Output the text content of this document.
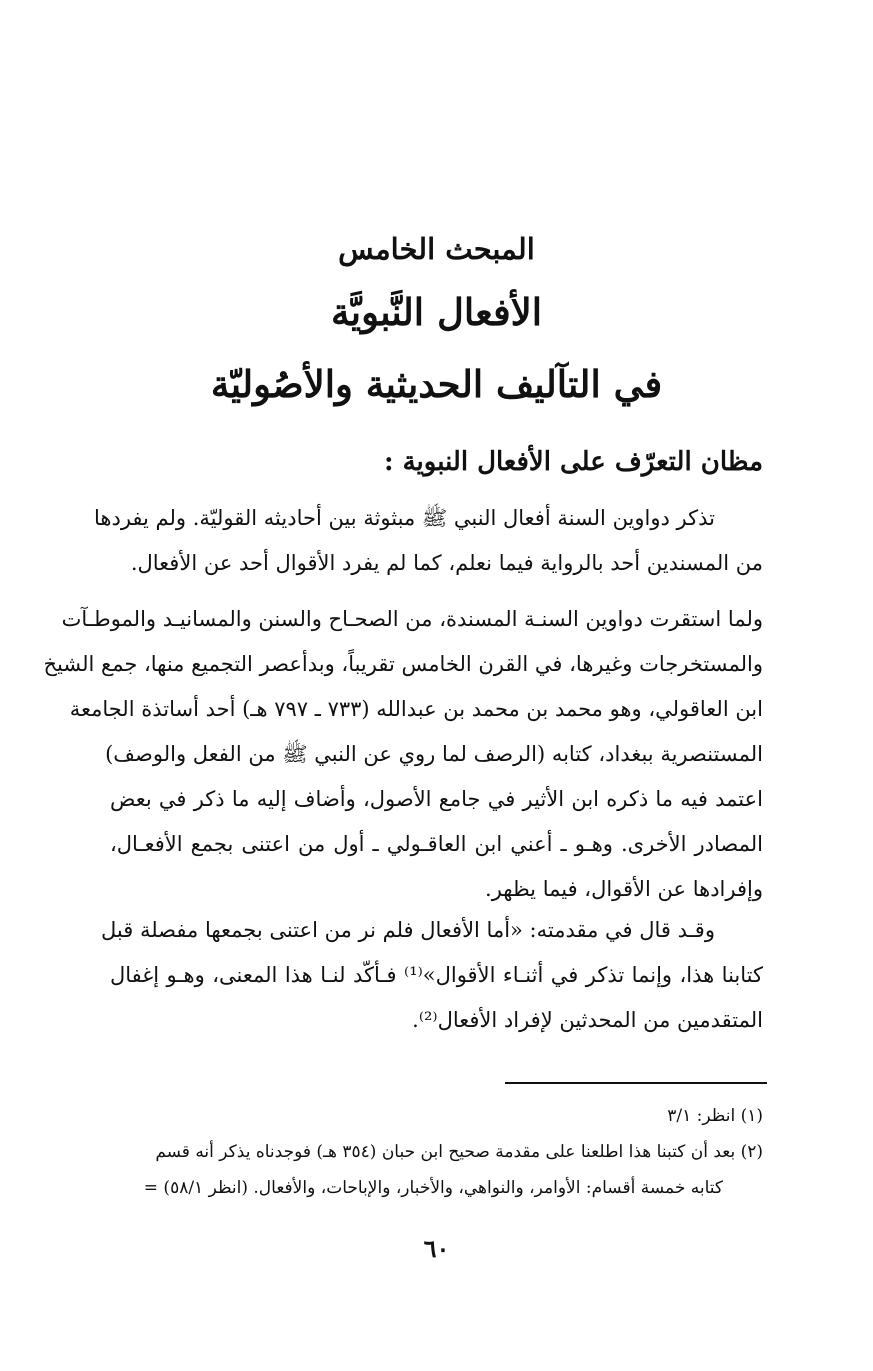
المبحث الخامس
الأفعال النَّبويَّة
في التآليف الحديثية والأصُوليّة
مظان التعرّف على الأفعال النبوية :
تذكر دواوين السنة أفعال النبي ﷺ مبثوثة بين أحاديثه القوليّة. ولم يفردها
من المسندين أحد بالرواية فيما نعلم، كما لم يفرد الأقوال أحد عن الأفعال.
ولما استقرت دواوين السنـة المسندة، من الصحـاح والسنن والمسانيـد والموطـآت
والمستخرجات وغيرها، في القرن الخامس تقريباً، وبدأعصر التجميع منها، جمع الشيخ
ابن العاقولي، وهو محمد بن محمد بن عبدالله (٧٣٣ ـ ٧٩٧ هـ) أحد أساتذة الجامعة
المستنصرية ببغداد، كتابه (الرصف لما روي عن النبي ﷺ من الفعل والوصف)
اعتمد فيه ما ذكره ابن الأثير في جامع الأصول، وأضاف إليه ما ذكر في بعض
المصادر الأخرى. وهـو ـ أعني ابن العاقـولي ـ أول من اعتنى بجمع الأفعـال،
وإفرادها عن الأقوال، فيما يظهر.
وقـد قال في مقدمته: «أما الأفعال فلم نر من اعتنى بجمعها مفصلة قبل
كتابنا هذا، وإنما تذكر في أثنـاء الأقوال»⁽¹⁾ فـأكّد لنـا هذا المعنى، وهـو إغفال
المتقدمين من المحدثين لإفراد الأفعال⁽²⁾.
(١) انظر: ٣/١
(٢) بعد أن كتبنا هذا اطلعنا على مقدمة صحيح ابن حبان (٣٥٤ هـ) فوجدناه يذكر أنه قسم
كتابه خمسة أقسام: الأوامر، والنواهي، والأخبار، والإباحات، والأفعال. (انظر ٥٨/١) =
٦٠
